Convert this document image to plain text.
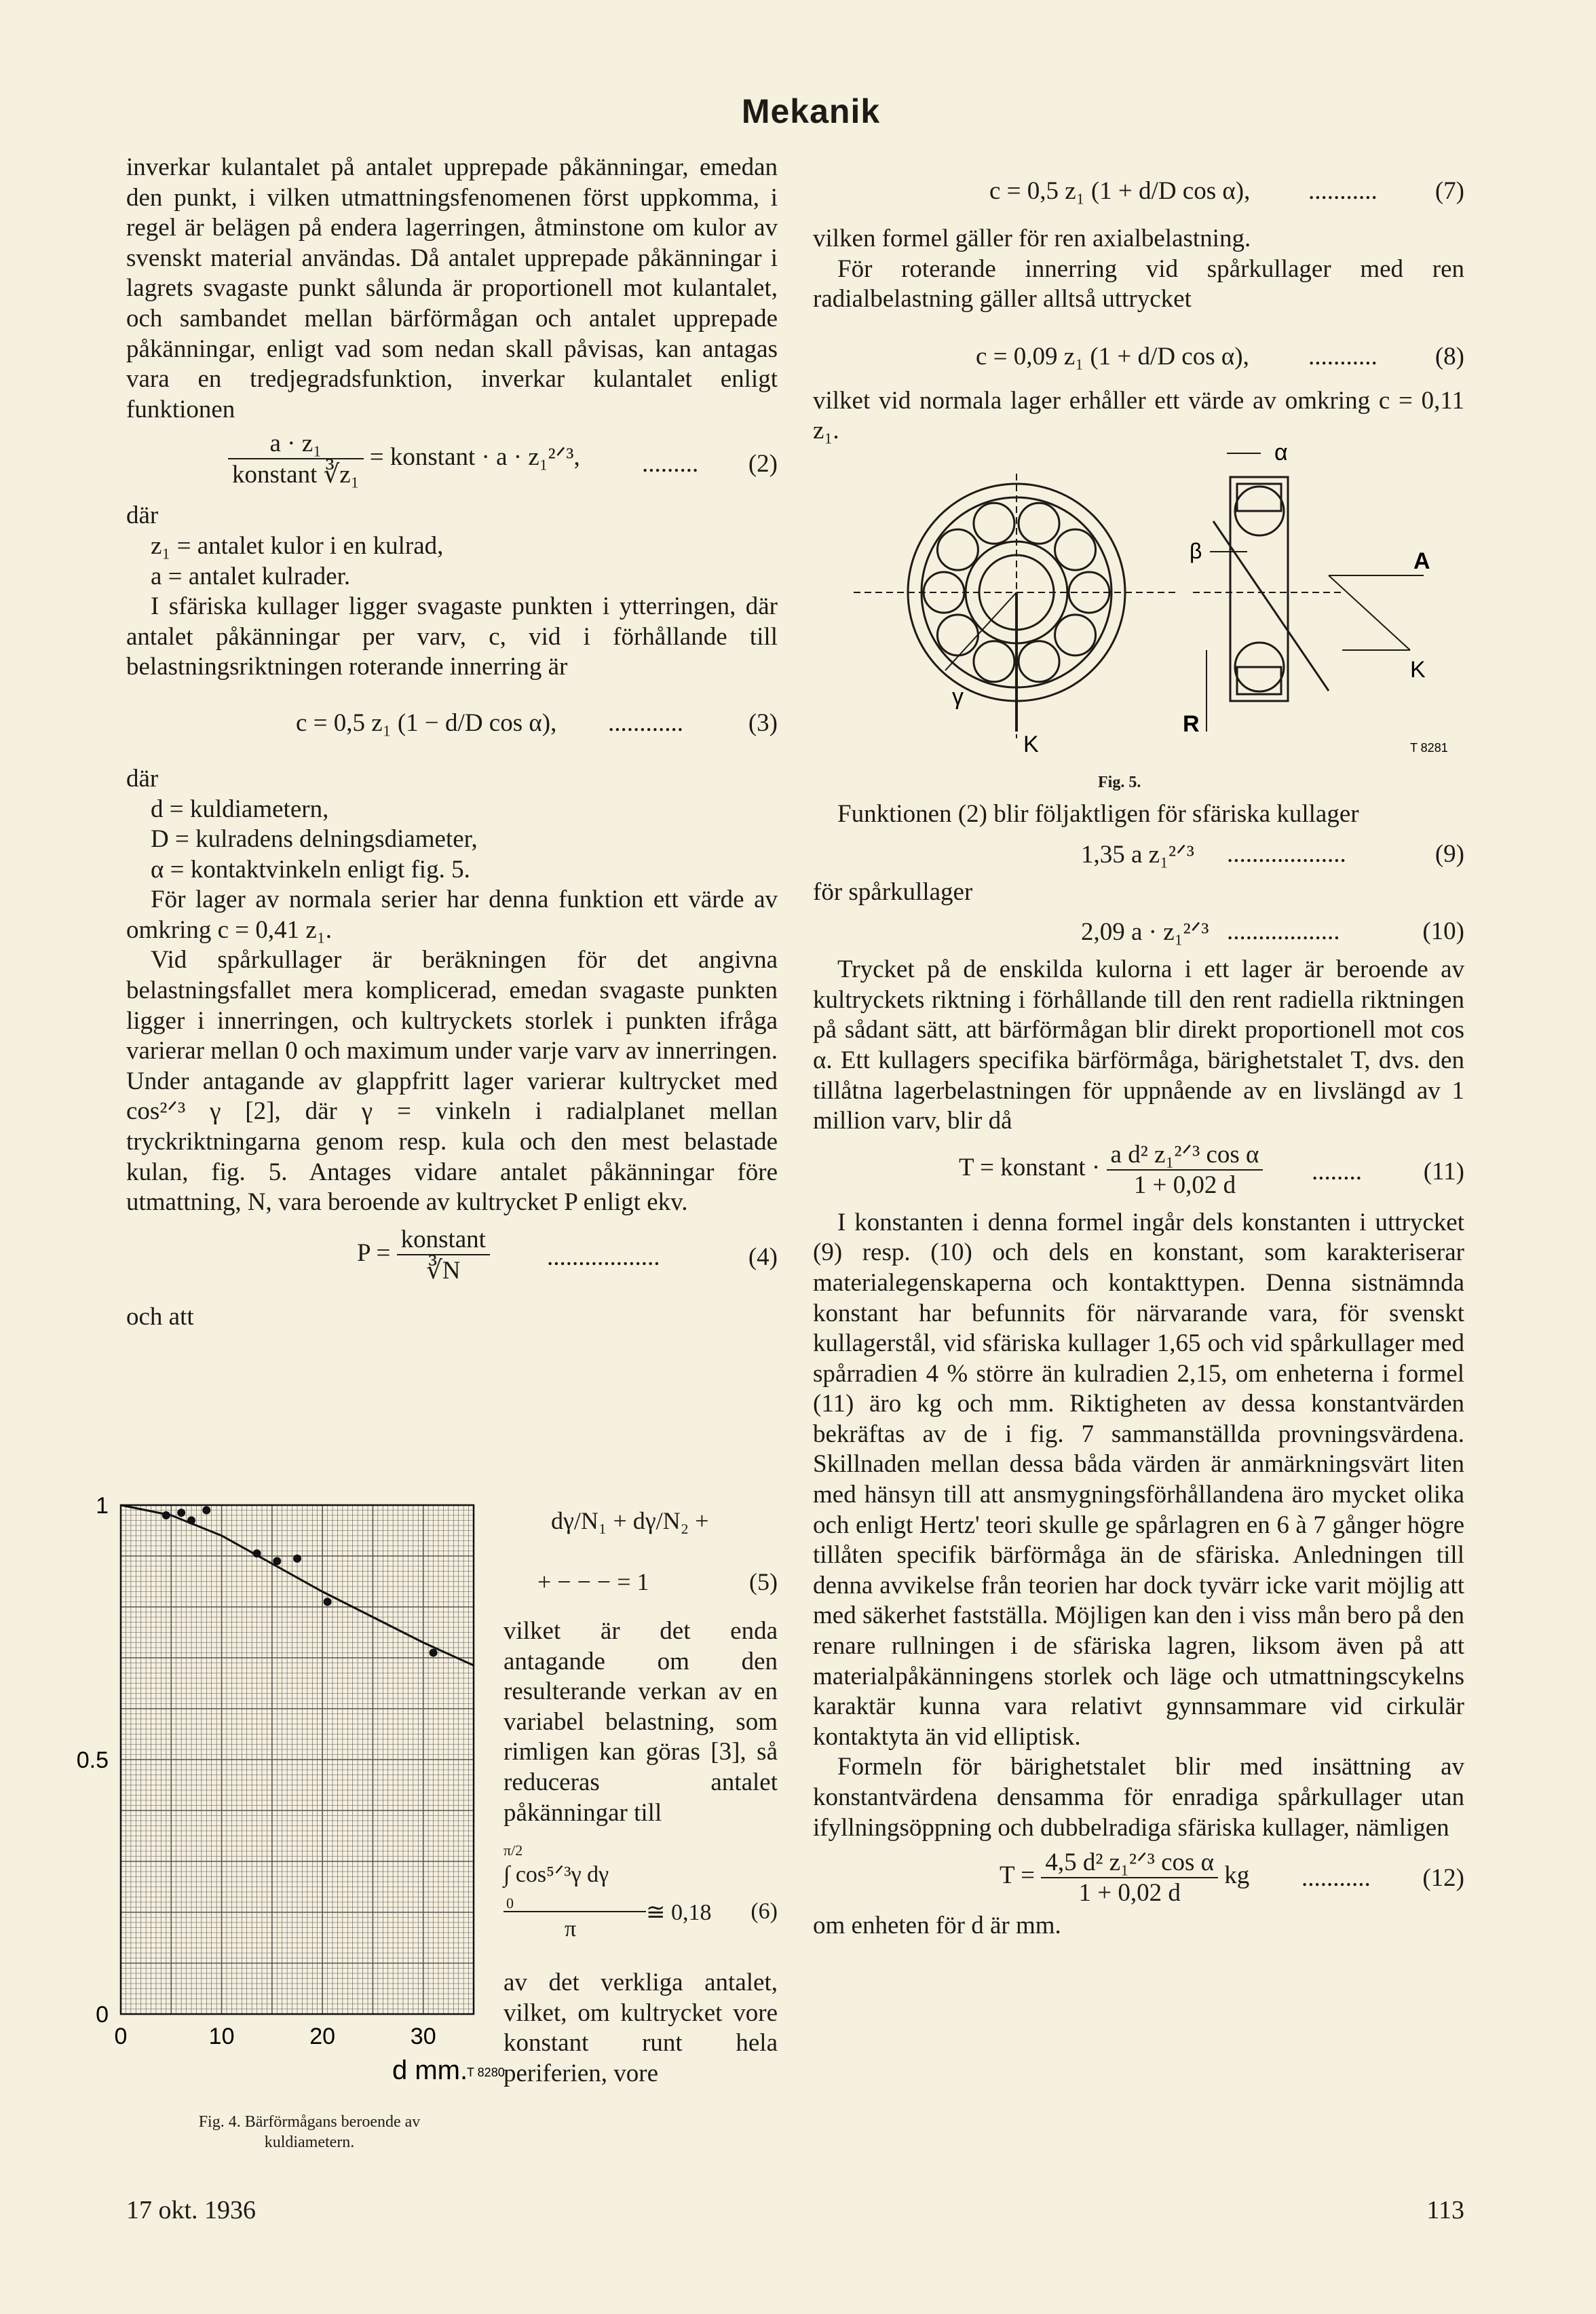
Mekanik

inverkar kulantalet på antalet upprepade påkänningar, emedan den punkt, i vilken utmattningsfenomenen först uppkomma, i regel är belägen på endera lagerringen, åtminstone om kulor av svenskt material användas. Då antalet upprepade påkänningar i lagrets svagaste punkt sålunda är proportionell mot kulantalet, och sambandet mellan bärförmågan och antalet upprepade påkänningar, enligt vad som nedan skall påvisas, kan antagas vara en tredjegradsfunktion, inverkar kulantalet enligt funktionen

$\frac{\text{a · z₁}}{\text{konstant ∛z₁}}$ = konstant · a · z₁²ᐟ³, ......... (2)

där

z₁ = antalet kulor i en kulrad,

a = antalet kulrader.

I sfäriska kullager ligger svagaste punkten i ytterringen, där antalet påkänningar per varv, c, vid i förhållande till belastningsriktningen roterande innerring är

c = 0,5 z₁ (1 − d/D cos α), ............	(3)

där

d = kuldiametern,

D = kulradens delningsdiameter,

α = kontaktvinkeln enligt fig. 5.

För lager av normala serier har denna funktion ett värde av omkring c = 0,41 z₁.

Vid spårkullager är beräkningen för det angivna belastningsfallet mera komplicerad, emedan svagaste punkten ligger i innerringen, och kultryckets storlek i punkten ifråga varierar mellan 0 och maximum under varje varv av innerringen. Under antagande av glappfritt lager varierar kultrycket med cos²ᐟ³ γ [2], där γ = vinkeln i radialplanet mellan tryckriktningarna genom resp. kula och den mest belastade kulan, fig. 5. Antages vidare antalet påkänningar före utmattning, N, vara beroende av kultrycket P enligt ekv.

$P = \frac{\text{konstant}}{∛N}$ ..................	(4)

och att

0	10	20	30
0
0.5
1
d mm.
T 8280
Fig. 4. Bärförmågans beroende av
kuldiametern.
dγ/N₁ + dγ/N₂ +
+ − − − = 1	(5)

vilket är det enda antagande om den resulterande verkan av en variabel belastning, som rimligen kan göras [3], så reduceras antalet påkänningar till

π/2
∫ cos⁵ᐟ³γ dγ
0
π
≅ 0,18 (6)

av det verkliga antalet, vilket, om kultrycket vore konstant runt hela periferien, vore

c = 0,5 z₁ (1 + d/D cos α), ........... (7)

vilken formel gäller för ren axialbelastning.

För roterande innerring vid spårkullager med ren radialbelastning gäller alltså uttrycket

c = 0,09 z₁ (1 + d/D cos α), ........... (8)

vilket vid normala lager erhåller ett värde av omkring c = 0,11 z₁.

α
β
γ
K
A
R
K
T 8281
Fig. 5.

Funktionen (2) blir följaktligen för sfäriska kullager

1,35 a z₁²ᐟ³ ...................	(9)

för spårkullager

2,09 a · z₁²ᐟ³ ..................	(10)

Trycket på de enskilda kulorna i ett lager är beroende av kultryckets riktning i förhållande till den rent radiella riktningen på sådant sätt, att bärförmågan blir direkt proportionell mot cos α. Ett kullagers specifika bärförmåga, bärighetstalet T, dvs. den tillåtna lagerbelastningen för uppnående av en livslängd av 1 million varv, blir då

T = konstant · $\frac{\text{a d² z₁²ᐟ³ cos α}}{1 + 0,02 d}$ ........ (11)

I konstanten i denna formel ingår dels konstanten i uttrycket (9) resp. (10) och dels en konstant, som karakteriserar materialegenskaperna och kontakttypen. Denna sistnämnda konstant har befunnits för närvarande vara, för svenskt kullagerstål, vid sfäriska kullager 1,65 och vid spårkullager med spårradien 4 % större än kulradien 2,15, om enheterna i formel (11) äro kg och mm. Riktigheten av dessa konstantvärden bekräftas av de i fig. 7 sammanställda provningsvärdena. Skillnaden mellan dessa båda värden är anmärkningsvärt liten med hänsyn till att ansmygningsförhållandena äro mycket olika och enligt Hertz' teori skulle ge spårlagren en 6 à 7 gånger högre tillåten specifik bärförmåga än de sfäriska. Anledningen till denna avvikelse från teorien har dock tyvärr icke varit möjlig att med säkerhet fastställa. Möjligen kan den i viss mån bero på den renare rullningen i de sfäriska lagren, liksom även på att materialpåkänningens storlek och läge och utmattningscykelns karaktär kunna vara relativt gynnsammare vid cirkulär kontaktyta än vid elliptisk.

Formeln för bärighetstalet blir med insättning av konstantvärdena densamma för enradiga spårkullager utan ifyllningsöppning och dubbelradiga sfäriska kullager, nämligen

$T = \frac{\text{4,5 d² z₁²ᐟ³ cos α}}{1 + 0,02 d}$ kg ........... (12)

om enheten för d är mm.

17 okt. 1936	113
